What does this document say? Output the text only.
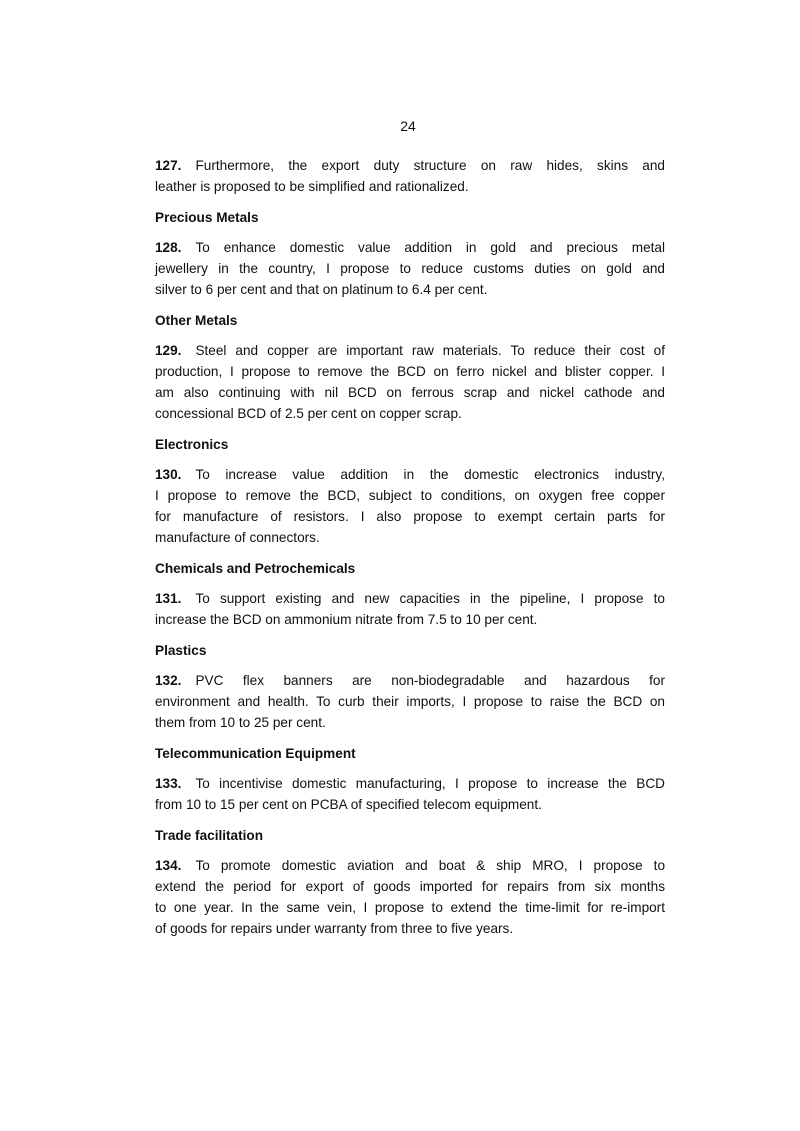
24
127. Furthermore, the export duty structure on raw hides, skins and
leather is proposed to be simplified and rationalized.
Precious Metals
128. To enhance domestic value addition in gold and precious metal
jewellery in the country, I propose to reduce customs duties on gold and
silver to 6 per cent and that on platinum to 6.4 per cent.
Other Metals
129. Steel and copper are important raw materials. To reduce their cost of
production, I propose to remove the BCD on ferro nickel and blister copper. I
am also continuing with nil BCD on ferrous scrap and nickel cathode and
concessional BCD of 2.5 per cent on copper scrap.
Electronics
130. To increase value addition in the domestic electronics industry,
I propose to remove the BCD, subject to conditions, on oxygen free copper
for manufacture of resistors. I also propose to exempt certain parts for
manufacture of connectors.
Chemicals and Petrochemicals
131. To support existing and new capacities in the pipeline, I propose to
increase the BCD on ammonium nitrate from 7.5 to 10 per cent.
Plastics
132. PVC flex banners are non-biodegradable and hazardous for
environment and health. To curb their imports, I propose to raise the BCD on
them from 10 to 25 per cent.
Telecommunication Equipment
133. To incentivise domestic manufacturing, I propose to increase the BCD
from 10 to 15 per cent on PCBA of specified telecom equipment.
Trade facilitation
134. To promote domestic aviation and boat & ship MRO, I propose to
extend the period for export of goods imported for repairs from six months
to one year. In the same vein, I propose to extend the time-limit for re-import
of goods for repairs under warranty from three to five years.
